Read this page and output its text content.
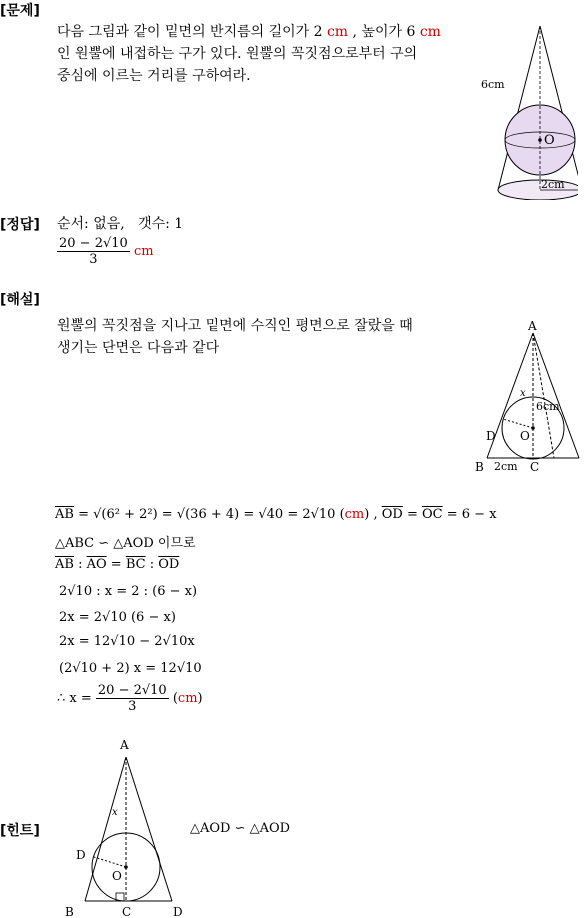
[문제]
다음 그림과 같이 밑면의 반지름의 길이가 2 cm , 높이가 6 cm
인 원뿔에 내접하는 구가 있다. 원뿔의 꼭짓점으로부터 구의
중심에 이르는 거리를 구하여라.
O
6cm
2cm
[정답] 순서: 없음, 갯수: 1
$\frac{20 - 2√10}{3}$ cm
[해설]
원뿔의 꼭짓점을 지나고 밑면에 수직인 평면으로 잘랐을 때
생기는 단면은 다음과 같다
A
D O
B	C
x
6cm
2cm
$\overline{AB} = √(6^2 + 2^2) = √(36 + 4) = √40 = 2√10$ (cm) , $\overline{OD} = \overline{OC} = 6 - x$
△ABC ∽ △AOD 이므로
$\overline{AB}$ : $\overline{AO} = \overline{BC}$ : $\overline{OD}$
2√10 : x = 2 : (6 − x)
2x = 2√10 (6 − x)
2x = 12√10 − 2√10x
(2√10 + 2) x = 12√10
∴ $x = \frac{20 - 2√10}{3} (cm)$
[힌트]
A
D
O
B	C	D
x
△AOD ∽ △AOD
